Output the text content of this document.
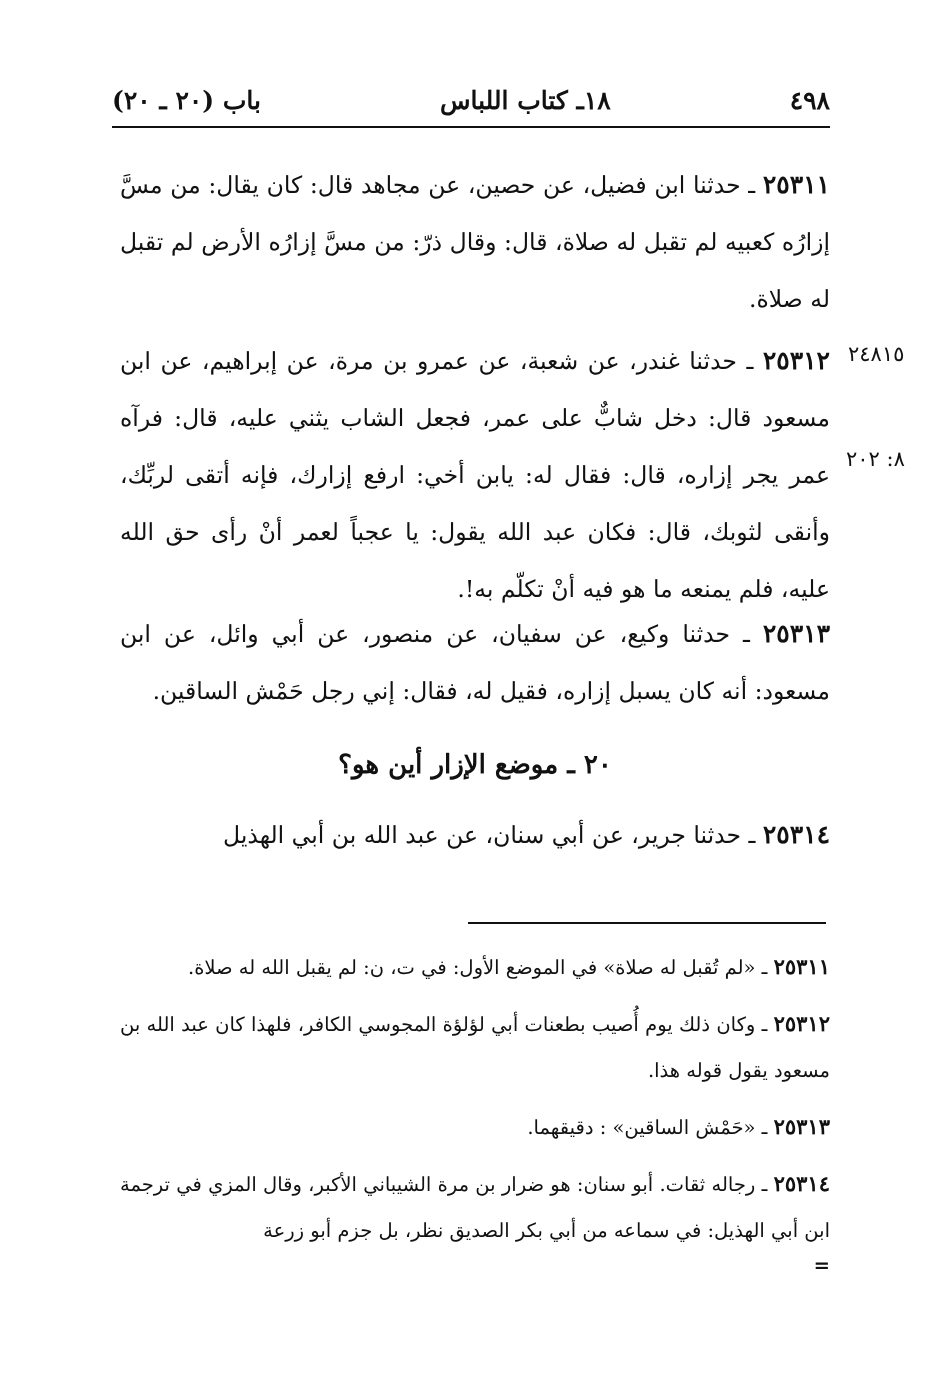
٤٩٨
١٨ـ كتاب اللباس
باب (٢٠ ـ ٢٠)

٢٥٣١١ ـ حدثنا ابن فضيل، عن حصين، عن مجاهد قال: كان يقال: من مسَّ إزارُه كعبيه لم تقبل له صلاة، قال: وقال ذرّ: من مسَّ إزارُه الأرض لم تقبل له صلاة.

٢٤٨١٥
٨: ٢٠٢

٢٥٣١٢ ـ حدثنا غندر، عن شعبة، عن عمرو بن مرة، عن إبراهيم، عن ابن مسعود قال: دخل شابٌّ على عمر، فجعل الشاب يثني عليه، قال: فرآه عمر يجر إزاره، قال: فقال له: يابن أخي: ارفع إزارك، فإنه أتقى لربِّك، وأنقى لثوبك، قال: فكان عبد الله يقول: يا عجباً لعمر أنْ رأى حق الله عليه، فلم يمنعه ما هو فيه أنْ تكلّم به!.

٢٥٣١٣ ـ حدثنا وكيع، عن سفيان، عن منصور، عن أبي وائل، عن ابن مسعود: أنه كان يسبل إزاره، فقيل له، فقال: إني رجل حَمْش الساقين.

٢٠ ـ موضع الإزار أين هو؟

٢٥٣١٤ ـ حدثنا جرير، عن أبي سنان، عن عبد الله بن أبي الهذيل

٢٥٣١١ ـ «لم تُقبل له صلاة» في الموضع الأول: في ت، ن: لم يقبل الله له صلاة.

٢٥٣١٢ ـ وكان ذلك يوم أُصيب بطعنات أبي لؤلؤة المجوسي الكافر، فلهذا كان عبد الله بن مسعود يقول قوله هذا.

٢٥٣١٣ ـ «حَمْش الساقين» : دقيقهما.

٢٥٣١٤ ـ رجاله ثقات. أبو سنان: هو ضرار بن مرة الشيباني الأكبر، وقال المزي في ترجمة ابن أبي الهذيل: في سماعه من أبي بكر الصديق نظر، بل جزم أبو زرعة

=
